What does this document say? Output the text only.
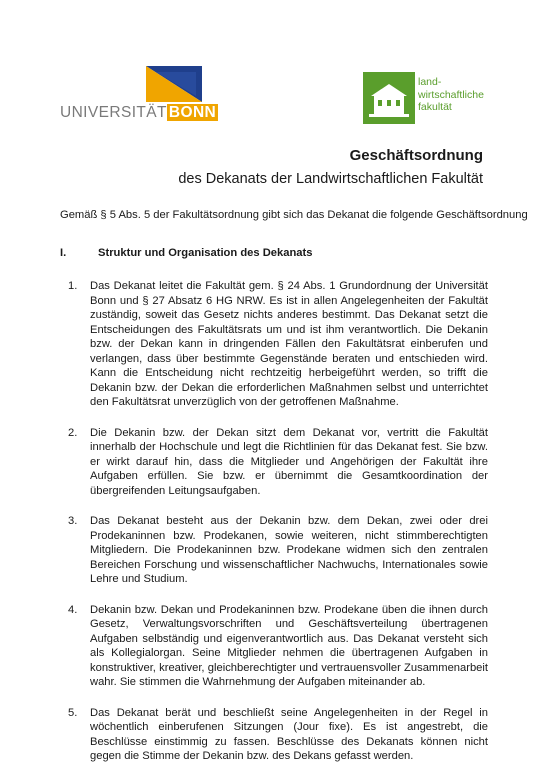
UNIVERSITÄT BONN
land-
wirtschaftliche
fakultät
Geschäftsordnung
des Dekanats der Landwirtschaftlichen Fakultät
Gemäß § 5 Abs. 5 der Fakultätsordnung gibt sich das Dekanat die folgende Geschäftsordnung
I.	Struktur und Organisation des Dekanats
1.	Das Dekanat leitet die Fakultät gem. § 24 Abs. 1 Grundordnung der Universität Bonn und § 27 Absatz 6 HG NRW. Es ist in allen Angelegenheiten der Fakultät zuständig, soweit das Gesetz nichts anderes bestimmt. Das Dekanat setzt die Entscheidungen des Fakultätsrats um und ist ihm verantwortlich. Die Dekanin bzw. der Dekan kann in dringenden Fällen den Fakultätsrat einberufen und verlangen, dass über bestimmte Gegenstände beraten und entschieden wird. Kann die Entscheidung nicht rechtzeitig herbeigeführt werden, so trifft die Dekanin bzw. der Dekan die erforderlichen Maßnahmen selbst und unterrichtet den Fakultätsrat unverzüglich von der getroffenen Maßnahme.
2.	Die Dekanin bzw. der Dekan sitzt dem Dekanat vor, vertritt die Fakultät innerhalb der Hochschule und legt die Richtlinien für das Dekanat fest. Sie bzw. er wirkt darauf hin, dass die Mitglieder und Angehörigen der Fakultät ihre Aufgaben erfüllen. Sie bzw. er übernimmt die Gesamtkoordination der übergreifenden Leitungsaufgaben.
3.	Das Dekanat besteht aus der Dekanin bzw. dem Dekan, zwei oder drei Prodekaninnen bzw. Prodekanen, sowie weiteren, nicht stimmberechtigten Mitgliedern. Die Prodekaninnen bzw. Prodekane widmen sich den zentralen Bereichen Forschung und wissenschaftlicher Nachwuchs, Internationales sowie Lehre und Studium.
4.	Dekanin bzw. Dekan und Prodekaninnen bzw. Prodekane üben die ihnen durch Gesetz, Verwaltungsvorschriften und Geschäftsverteilung übertragenen Aufgaben selbständig und eigenverantwortlich aus. Das Dekanat versteht sich als Kollegialorgan. Seine Mitglieder nehmen die übertragenen Aufgaben in konstruktiver, kreativer, gleichberechtigter und vertrauensvoller Zusammenarbeit wahr. Sie stimmen die Wahrnehmung der Aufgaben miteinander ab.
5.	Das Dekanat berät und beschließt seine Angelegenheiten in der Regel in wöchentlich einberufenen Sitzungen (Jour fixe). Es ist angestrebt, die Beschlüsse einstimmig zu fassen. Beschlüsse des Dekanats können nicht gegen die Stimme der Dekanin bzw. des Dekans gefasst werden.
